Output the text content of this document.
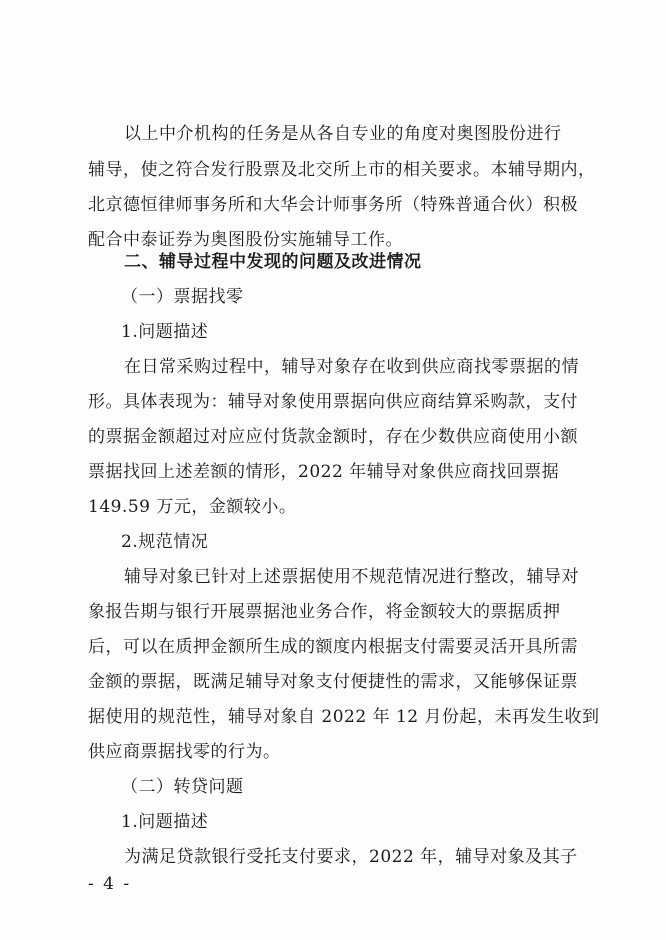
以上中介机构的任务是从各自专业的角度对奥图股份进行
辅导，使之符合发行股票及北交所上市的相关要求。本辅导期内，
北京德恒律师事务所和大华会计师事务所（特殊普通合伙）积极
配合中泰证券为奥图股份实施辅导工作。
二、辅导过程中发现的问题及改进情况
（一）票据找零
1.问题描述
在日常采购过程中，辅导对象存在收到供应商找零票据的情
形。具体表现为：辅导对象使用票据向供应商结算采购款，支付
的票据金额超过对应应付货款金额时，存在少数供应商使用小额
票据找回上述差额的情形，2022 年辅导对象供应商找回票据
149.59 万元，金额较小。
2.规范情况
辅导对象已针对上述票据使用不规范情况进行整改，辅导对
象报告期与银行开展票据池业务合作，将金额较大的票据质押
后，可以在质押金额所生成的额度内根据支付需要灵活开具所需
金额的票据，既满足辅导对象支付便捷性的需求，又能够保证票
据使用的规范性，辅导对象自 2022 年 12 月份起，未再发生收到
供应商票据找零的行为。
（二）转贷问题
1.问题描述
为满足贷款银行受托支付要求，2022 年，辅导对象及其子
- 4 -
